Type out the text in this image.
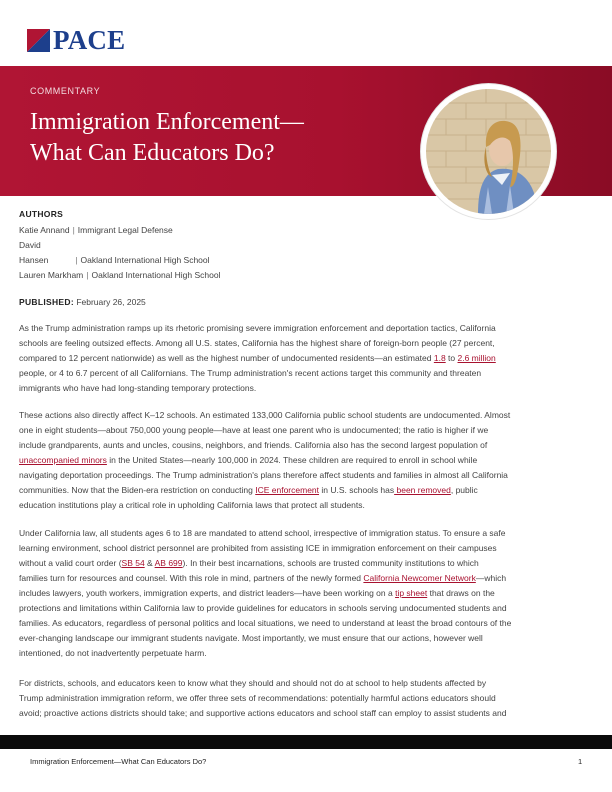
PACE
COMMENTARY
Immigration Enforcement—
What Can Educators Do?
AUTHORS
Katie Annand | Immigrant Legal Defense
David
Hansen	| Oakland International High School
Lauren Markham | Oakland International High School
PUBLISHED: February 26, 2025
As the Trump administration ramps up its rhetoric promising severe immigration enforcement and deportation tactics, California
schools are feeling outsized effects. Among all U.S. states, California has the highest share of foreign-born people (27 percent,
compared to 12 percent nationwide) as well as the highest number of undocumented residents—an estimated 1.8 to 2.6 million
people, or 4 to 6.7 percent of all Californians. The Trump administration's recent actions target this community and threaten
immigrants who have had long-standing temporary protections.
These actions also directly affect K–12 schools. An estimated 133,000 California public school students are undocumented. Almost
one in eight students—about 750,000 young people—have at least one parent who is undocumented; the ratio is higher if we
include grandparents, aunts and uncles, cousins, neighbors, and friends. California also has the second largest population of
unaccompanied minors in the United States—nearly 100,000 in 2024. These children are required to enroll in school while
navigating deportation proceedings. The Trump administration's plans therefore affect students and families in almost all California
communities. Now that the Biden-era restriction on conducting ICE enforcement in U.S. schools has been removed, public
education institutions play a critical role in upholding California laws that protect all students.
Under California law, all students ages 6 to 18 are mandated to attend school, irrespective of immigration status. To ensure a safe
learning environment, school district personnel are prohibited from assisting ICE in immigration enforcement on their campuses
without a valid court order (SB 54 & AB 699). In their best incarnations, schools are trusted community institutions to which
families turn for resources and counsel. With this role in mind, partners of the newly formed California Newcomer Network—which
includes lawyers, youth workers, immigration experts, and district leaders—have been working on a tip sheet that draws on the
protections and limitations within California law to provide guidelines for educators in schools serving undocumented students and
families. As educators, regardless of personal politics and local situations, we need to understand at least the broad contours of the
ever-changing landscape our immigrant students navigate. Most importantly, we must ensure that our actions, however well
intentioned, do not inadvertently perpetuate harm.
For districts, schools, and educators keen to know what they should and should not do at school to help students affected by
Trump administration immigration reform, we offer three sets of recommendations: potentially harmful actions educators should
avoid; proactive actions districts should take; and supportive actions educators and school staff can employ to assist students and
Immigration Enforcement—What Can Educators Do?	1
